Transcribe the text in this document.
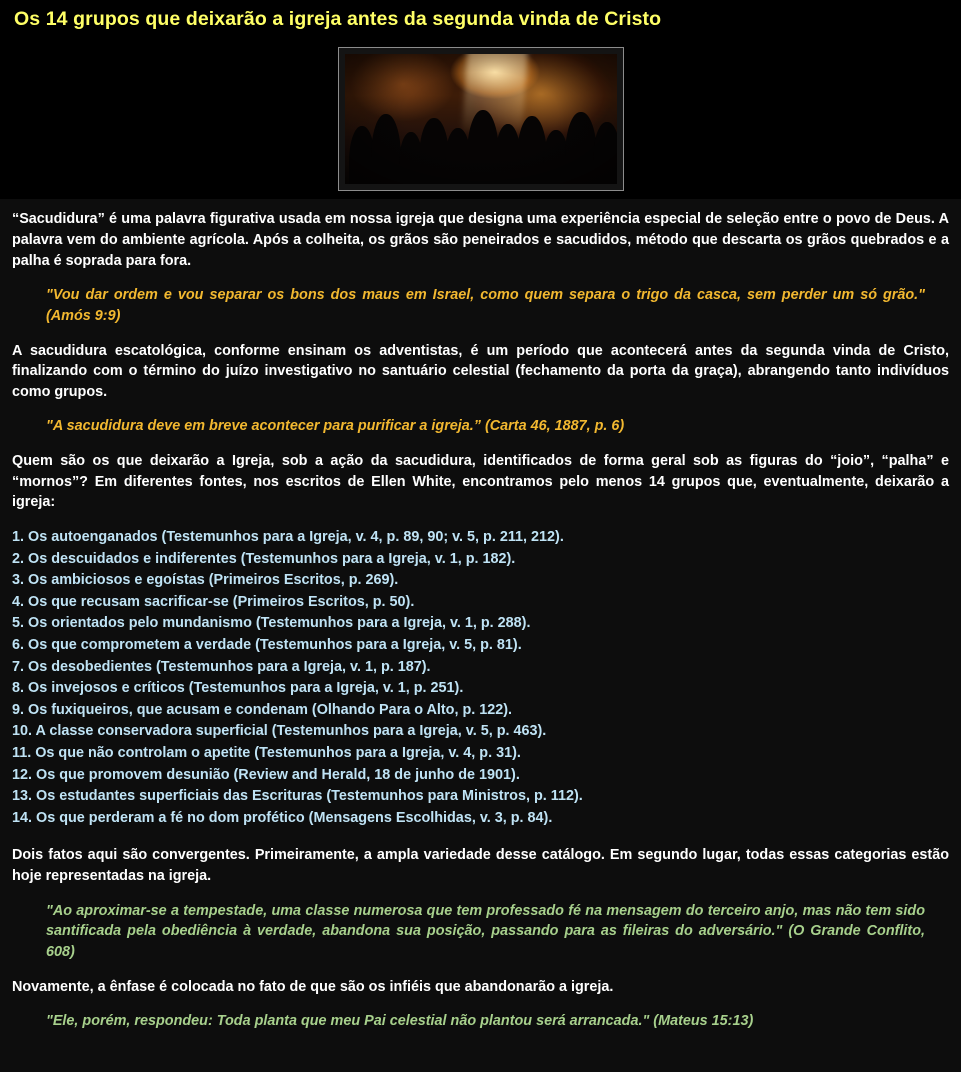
Os 14 grupos que deixarão a igreja antes da segunda vinda de Cristo

“Sacudidura” é uma palavra figurativa usada em nossa igreja que designa uma experiência especial de seleção entre o povo de Deus. A palavra vem do ambiente agrícola. Após a colheita, os grãos são peneirados e sacudidos, método que descarta os grãos quebrados e a palha é soprada para fora.

"Vou dar ordem e vou separar os bons dos maus em Israel, como quem separa o trigo da casca, sem perder um só grão." (Amós 9:9)

A sacudidura escatológica, conforme ensinam os adventistas, é um período que acontecerá antes da segunda vinda de Cristo, finalizando com o término do juízo investigativo no santuário celestial (fechamento da porta da graça), abrangendo tanto indivíduos como grupos.

"A sacudidura deve em breve acontecer para purificar a igreja.” (Carta 46, 1887, p. 6)

Quem são os que deixarão a Igreja, sob a ação da sacudidura, identificados de forma geral sob as figuras do “joio”, “palha” e “mornos”? Em diferentes fontes, nos escritos de Ellen White, encontramos pelo menos 14 grupos que, eventualmente, deixarão a igreja:

1. Os autoenganados (Testemunhos para a Igreja, v. 4, p. 89, 90; v. 5, p. 211, 212).
2. Os descuidados e indiferentes (Testemunhos para a Igreja, v. 1, p. 182).
3. Os ambiciosos e egoístas (Primeiros Escritos, p. 269).
4. Os que recusam sacrificar-se (Primeiros Escritos, p. 50).
5. Os orientados pelo mundanismo (Testemunhos para a Igreja, v. 1, p. 288).
6. Os que comprometem a verdade (Testemunhos para a Igreja, v. 5, p. 81).
7. Os desobedientes (Testemunhos para a Igreja, v. 1, p. 187).
8. Os invejosos e críticos (Testemunhos para a Igreja, v. 1, p. 251).
9. Os fuxiqueiros, que acusam e condenam (Olhando Para o Alto, p. 122).
10. A classe conservadora superficial (Testemunhos para a Igreja, v. 5, p. 463).
11. Os que não controlam o apetite (Testemunhos para a Igreja, v. 4, p. 31).
12. Os que promovem desunião (Review and Herald, 18 de junho de 1901).
13. Os estudantes superficiais das Escrituras (Testemunhos para Ministros, p. 112).
14. Os que perderam a fé no dom profético (Mensagens Escolhidas, v. 3, p. 84).

Dois fatos aqui são convergentes. Primeiramente, a ampla variedade desse catálogo. Em segundo lugar, todas essas categorias estão hoje representadas na igreja.

"Ao aproximar-se a tempestade, uma classe numerosa que tem professado fé na mensagem do terceiro anjo, mas não tem sido santificada pela obediência à verdade, abandona sua posição, passando para as fileiras do adversário." (O Grande Conflito, 608)

Novamente, a ênfase é colocada no fato de que são os infiéis que abandonarão a igreja.

"Ele, porém, respondeu: Toda planta que meu Pai celestial não plantou será arrancada." (Mateus 15:13)
